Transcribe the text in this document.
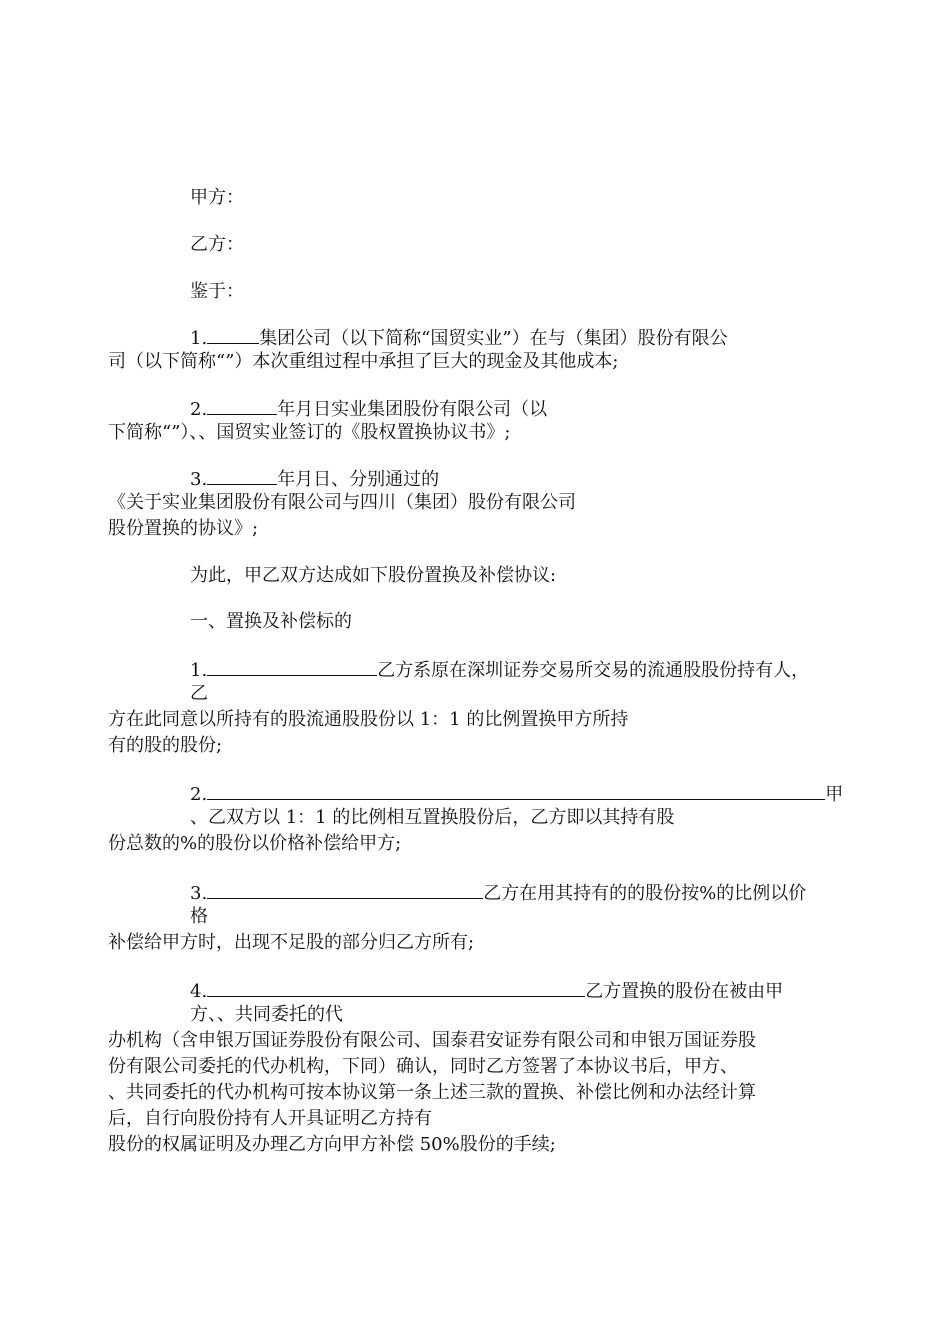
甲方：

乙方：

鉴于：

1.	集团公司（以下简称“国贸实业”）在与（集团）股份有限公

司（以下简称“”）本次重组过程中承担了巨大的现金及其他成本;

2.	年月日实业集团股份有限公司（以

下简称“”）、、国贸实业签订的《股权置换协议书》;

3.	年月日、分别通过的

《关于实业集团股份有限公司与四川（集团）股份有限公司

股份置换的协议》;

为此，甲乙双方达成如下股份置换及补偿协议:

一、置换及补偿标的

1.	乙方系原在深圳证券交易所交易的流通股股份持有人，

乙

方在此同意以所持有的股流通股股份以 1：1 的比例置换甲方所持

有的股的股份;

2.	甲

、乙双方以 1：1 的比例相互置换股份后，乙方即以其持有股

份总数的%的股份以价格补偿给甲方;

3.	乙方在用其持有的的股份按%的比例以价

格

补偿给甲方时，出现不足股的部分归乙方所有;

4.	乙方置换的股份在被由甲

方、、共同委托的代

办机构（含申银万国证券股份有限公司、国泰君安证券有限公司和申银万国证券股

份有限公司委托的代办机构，下同）确认，同时乙方签署了本协议书后，甲方、

、共同委托的代办机构可按本协议第一条上述三款的置换、补偿比例和办法经计算

后，自行向股份持有人开具证明乙方持有

股份的权属证明及办理乙方向甲方补偿 50%股份的手续;
